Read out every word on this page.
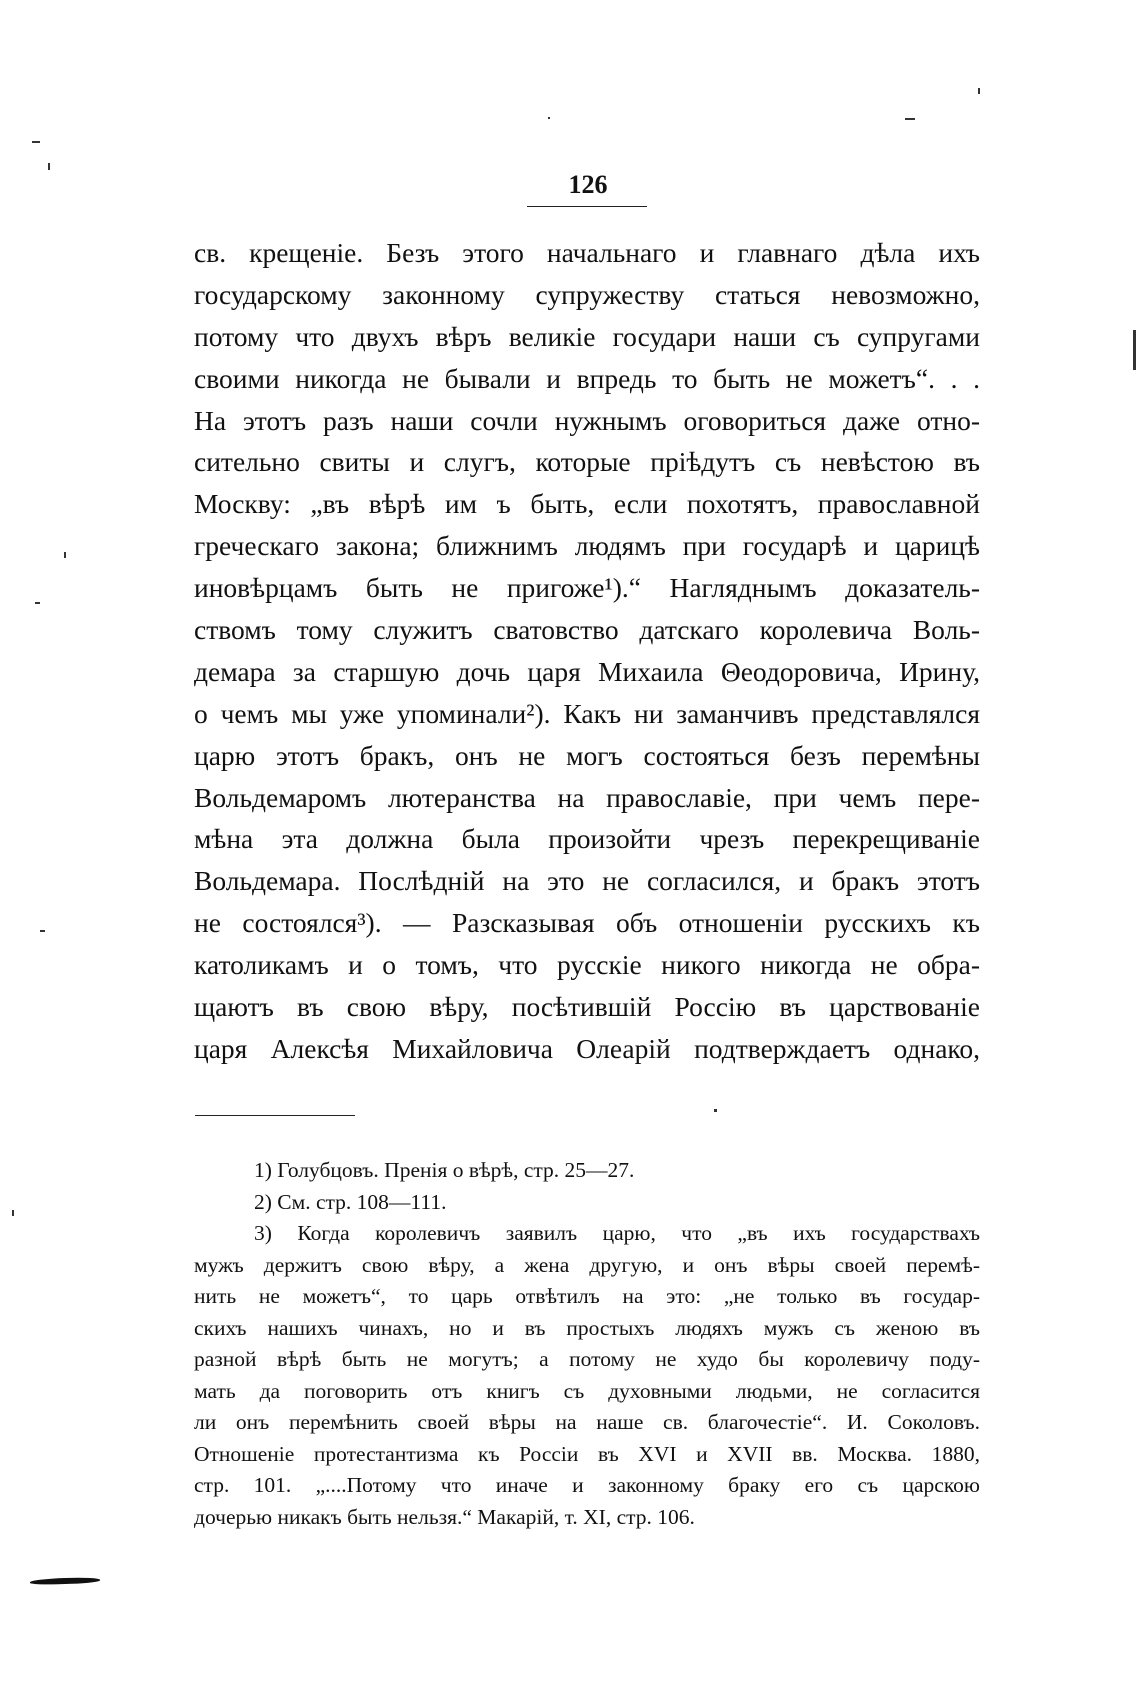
126
св. крещеніе. Безъ этого начальнаго и главнаго дѣла ихъ
государскому законному супружеству статься невозможно,
потому что двухъ вѣръ великіе государи наши съ супругами
своими никогда не бывали и впредь то быть не можетъ“. . .
На этотъ разъ наши сочли нужнымъ оговориться даже отно-
сительно свиты и слугъ, которые пріѣдутъ съ невѣстою въ
Москву: „въ вѣрѣ им ъ быть, если похотятъ, православной
греческаго закона; ближнимъ людямъ при государѣ и царицѣ
иновѣрцамъ быть не пригоже¹).“ Нагляднымъ доказатель-
ствомъ тому служитъ сватовство датскаго королевича Воль-
демара за старшую дочь царя Михаила Θеодоровича, Ирину,
о чемъ мы уже упоминали²). Какъ ни заманчивъ представлялся
царю этотъ бракъ, онъ не могъ состояться безъ перемѣны
Вольдемаромъ лютеранства на православіе, при чемъ пере-
мѣна эта должна была произойти чрезъ перекрещиваніе
Вольдемара. Послѣдній на это не согласился, и бракъ этотъ
не состоялся³). — Разсказывая объ отношеніи русскихъ къ
католикамъ и о томъ, что русскіе никого никогда не обра-
щаютъ въ свою вѣру, посѣтившій Россію въ царствованіе
царя Алексѣя Михайловича Олеарій подтверждаетъ однако,
1) Голубцовъ. Пренія о вѣрѣ, стр. 25—27.
2) См. стр. 108—111.
3) Когда королевичъ заявилъ царю, что „въ ихъ государствахъ
мужъ держитъ свою вѣру, а жена другую, и онъ вѣры своей перемѣ-
нить не можетъ“, то царь отвѣтилъ на это: „не только въ государ-
скихъ нашихъ чинахъ, но и въ простыхъ людяхъ мужъ съ женою въ
разной вѣрѣ быть не могутъ; а потому не худо бы королевичу поду-
мать да поговорить отъ книгъ съ духовными людьми, не согласится
ли онъ перемѣнить своей вѣры на наше св. благочестіе“. И. Соколовъ.
Отношеніе протестантизма къ Россіи въ XVI и XVII вв. Москва. 1880,
стр. 101. „....Потому что иначе и законному браку его съ царскою
дочерью никакъ быть нельзя.“ Макарій, т. XI, стр. 106.
